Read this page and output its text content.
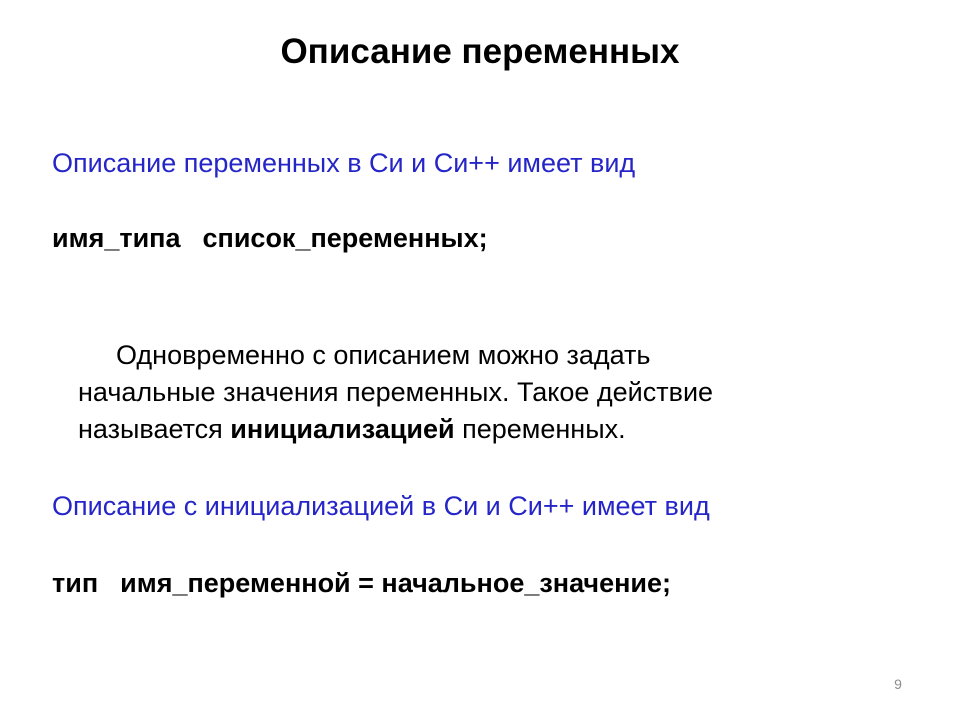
Описание переменных
Описание переменных в Си и Си++ имеет вид
имя_типа список_переменных;
Одновременно с описанием можно задать
начальные значения переменных. Такое действие
называется инициализацией переменных.
Описание с инициализацией в Си и Си++ имеет вид
тип имя_переменной = начальное_значение;
9
